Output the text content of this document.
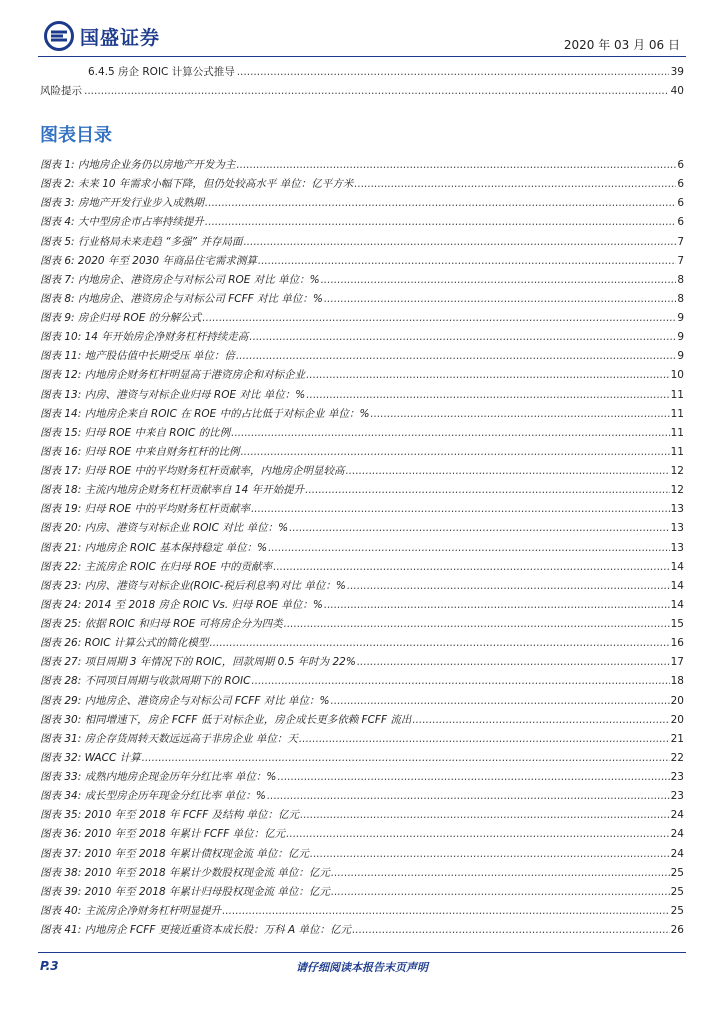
国盛证券	2020 年 03 月 06 日
6.4.5 房企 ROIC 计算公式推导 .....	39
风险提示 .....	40
图表目录
图表 1: 内地房企业务仍以房地产开发为主 .....	6
图表 2: 未来 10 年需求小幅下降，但仍处较高水平 单位：亿平方米 .....	6
图表 3: 房地产开发行业步入成熟期 .....	6
图表 4: 大中型房企市占率持续提升 .....	6
图表 5: 行业格局未来走趋 “多强” 并存局面 .....	7
图表 6: 2020 年至 2030 年商品住宅需求测算 .....	7
图表 7: 内地房企、港资房企与对标公司 ROE 对比 单位：% .....	8
图表 8: 内地房企、港资房企与对标公司 FCFF 对比 单位：% .....	8
图表 9: 房企归母 ROE 的分解公式 .....	9
图表 10: 14 年开始房企净财务杠杆持续走高 .....	9
图表 11: 地产股估值中长期受压 单位：倍 .....	9
图表 12: 内地房企财务杠杆明显高于港资房企和对标企业 .....	10
图表 13: 内房、港资与对标企业归母 ROE 对比 单位：% .....	11
图表 14: 内地房企来自 ROIC 在 ROE 中的占比低于对标企业 单位：% .....	11
图表 15: 归母 ROE 中来自 ROIC 的比例 .....	11
图表 16: 归母 ROE 中来自财务杠杆的比例 .....	11
图表 17: 归母 ROE 中的平均财务杠杆贡献率，内地房企明显较高 .....	12
图表 18: 主流内地房企财务杠杆贡献率自 14 年开始提升 .....	12
图表 19: 归母 ROE 中的平均财务杠杆贡献率 .....	13
图表 20: 内房、港资与对标企业 ROIC 对比 单位：% .....	13
图表 21: 内地房企 ROIC 基本保持稳定 单位：% .....	13
图表 22: 主流房企 ROIC 在归母 ROE 中的贡献率 .....	14
图表 23: 内房、港资与对标企业(ROIC-税后利息率)对比 单位：% .....	14
图表 24: 2014 至 2018 房企 ROIC Vs. 归母 ROE 单位：% .....	14
图表 25: 依据 ROIC 和归母 ROE 可将房企分为四类 .....	15
图表 26: ROIC 计算公式的简化模型 .....	16
图表 27: 项目周期 3 年情况下的 ROIC，回款周期 0.5 年时为 22% .....	17
图表 28: 不同项目周期与收款周期下的 ROIC .....	18
图表 29: 内地房企、港资房企与对标公司 FCFF 对比 单位：% .....	20
图表 30: 相同增速下，房企 FCFF 低于对标企业，房企成长更多依赖 FCFF 流出 .....	20
图表 31: 房企存货周转天数远远高于非房企业 单位：天 .....	21
图表 32: WACC 计算 .....	22
图表 33: 成熟内地房企现金历年分红比率 单位：% .....	23
图表 34: 成长型房企历年现金分红比率 单位：% .....	23
图表 35: 2010 年至 2018 年 FCFF 及结构 单位：亿元 .....	24
图表 36: 2010 年至 2018 年累计 FCFF 单位：亿元 .....	24
图表 37: 2010 年至 2018 年累计债权现金流 单位：亿元 .....	24
图表 38: 2010 年至 2018 年累计少数股权现金流 单位：亿元 .....	25
图表 39: 2010 年至 2018 年累计归母股权现金流 单位：亿元 .....	25
图表 40: 主流房企净财务杠杆明显提升 .....	25
图表 41: 内地房企 FCFF 更接近重资本成长股：万科 A 单位：亿元 .....	26
P.3	请仔细阅读本报告末页声明
